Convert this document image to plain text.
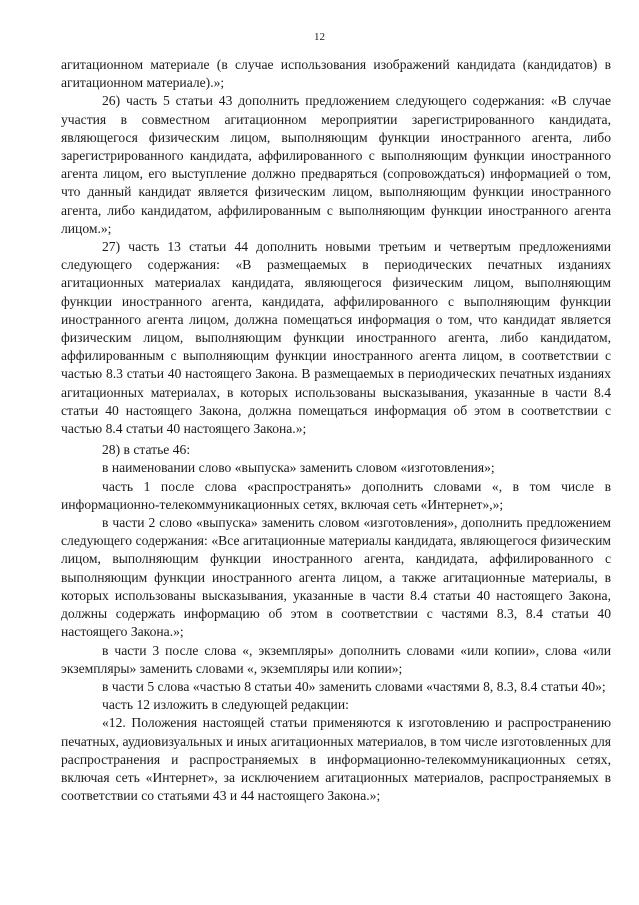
12

агитационном материале (в случае использования изображений кандидата (кандидатов) в агитационном материале).»;

26) часть 5 статьи 43 дополнить предложением следующего содержания: «В случае участия в совместном агитационном мероприятии зарегистрированного кандидата, являющегося физическим лицом, выполняющим функции иностранного агента, либо зарегистрированного кандидата, аффилированного с выполняющим функции иностранного агента лицом, его выступление должно предваряться (сопровождаться) информацией о том, что данный кандидат является физическим лицом, выполняющим функции иностранного агента, либо кандидатом, аффилированным с выполняющим функции иностранного агента лицом.»;

27) часть 13 статьи 44 дополнить новыми третьим и четвертым предложениями следующего содержания: «В размещаемых в периодических печатных изданиях агитационных материалах кандидата, являющегося физическим лицом, выполняющим функции иностранного агента, кандидата, аффилированного с выполняющим функции иностранного агента лицом, должна помещаться информация о том, что кандидат является физическим лицом, выполняющим функции иностранного агента, либо кандидатом, аффилированным с выполняющим функции иностранного агента лицом, в соответствии с частью 8.3 статьи 40 настоящего Закона. В размещаемых в периодических печатных изданиях агитационных материалах, в которых использованы высказывания, указанные в части 8.4 статьи 40 настоящего Закона, должна помещаться информация об этом в соответствии с частью 8.4 статьи 40 настоящего Закона.»;

28) в статье 46:

в наименовании слово «выпуска» заменить словом «изготовления»;

часть 1 после слова «распространять» дополнить словами «, в том числе в информационно-телекоммуникационных сетях, включая сеть «Интернет»,»;

в части 2 слово «выпуска» заменить словом «изготовления», дополнить предложением следующего содержания: «Все агитационные материалы кандидата, являющегося физическим лицом, выполняющим функции иностранного агента, кандидата, аффилированного с выполняющим функции иностранного агента лицом, а также агитационные материалы, в которых использованы высказывания, указанные в части 8.4 статьи 40 настоящего Закона, должны содержать информацию об этом в соответствии с частями 8.3, 8.4 статьи 40 настоящего Закона.»;

в части 3 после слова «, экземпляры» дополнить словами «или копии», слова «или экземпляры» заменить словами «, экземпляры или копии»;

в части 5 слова «частью 8 статьи 40» заменить словами «частями 8, 8.3, 8.4 статьи 40»;

часть 12 изложить в следующей редакции:

«12. Положения настоящей статьи применяются к изготовлению и распространению печатных, аудиовизуальных и иных агитационных материалов, в том числе изготовленных для распространения и распространяемых в информационно-телекоммуникационных сетях, включая сеть «Интернет», за исключением агитационных материалов, распространяемых в соответствии со статьями 43 и 44 настоящего Закона.»;
